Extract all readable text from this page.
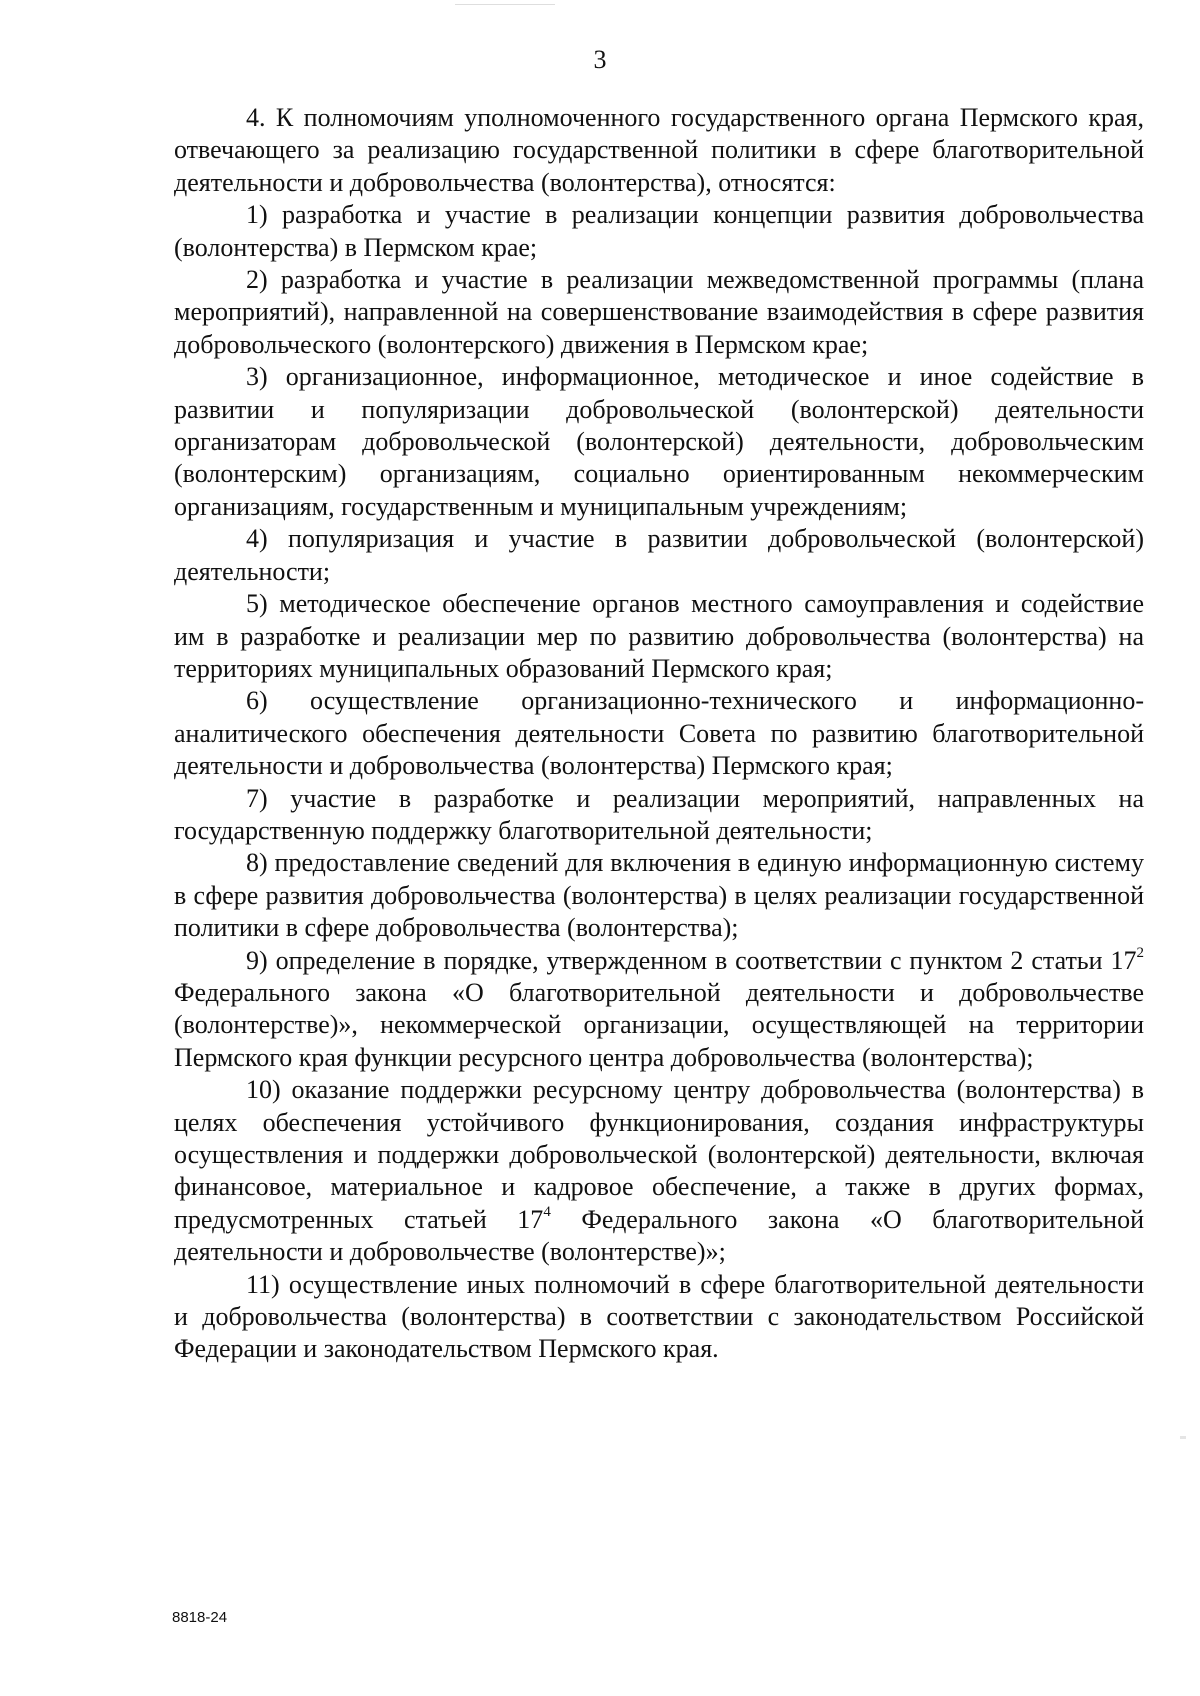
3

4. К полномочиям уполномоченного государственного органа Пермского края, отвечающего за реализацию государственной политики в сфере благотворительной деятельности и добровольчества (волонтерства), относятся:

1) разработка и участие в реализации концепции развития добровольчества (волонтерства) в Пермском крае;

2) разработка и участие в реализации межведомственной программы (плана мероприятий), направленной на совершенствование взаимодействия в сфере развития добровольческого (волонтерского) движения в Пермском крае;

3) организационное, информационное, методическое и иное содействие в развитии и популяризации добровольческой (волонтерской) деятельности организаторам добровольческой (волонтерской) деятельности, добровольческим (волонтерским) организациям, социально ориентированным некоммерческим организациям, государственным и муниципальным учреждениям;

4) популяризация и участие в развитии добровольческой (волонтерской) деятельности;

5) методическое обеспечение органов местного самоуправления и содействие им в разработке и реализации мер по развитию добровольчества (волонтерства) на территориях муниципальных образований Пермского края;

6) осуществление организационно-технического и информационно-аналитического обеспечения деятельности Совета по развитию благотворительной деятельности и добровольчества (волонтерства) Пермского края;

7) участие в разработке и реализации мероприятий, направленных на государственную поддержку благотворительной деятельности;

8) предоставление сведений для включения в единую информационную систему в сфере развития добровольчества (волонтерства) в целях реализации государственной политики в сфере добровольчества (волонтерства);

9) определение в порядке, утвержденном в соответствии с пунктом 2 статьи $17^2$ Федерального закона «О благотворительной деятельности и добровольчестве (волонтерстве)», некоммерческой организации, осуществляющей на территории Пермского края функции ресурсного центра добровольчества (волонтерства);

10) оказание поддержки ресурсному центру добровольчества (волонтерства) в целях обеспечения устойчивого функционирования, создания инфраструктуры осуществления и поддержки добровольческой (волонтерской) деятельности, включая финансовое, материальное и кадровое обеспечение, а также в других формах, предусмотренных статьей $17^4$ Федерального закона «О благотворительной деятельности и добровольчестве (волонтерстве)»;

11) осуществление иных полномочий в сфере благотворительной деятельности и добровольчества (волонтерства) в соответствии с законодательством Российской Федерации и законодательством Пермского края.

8818-24
